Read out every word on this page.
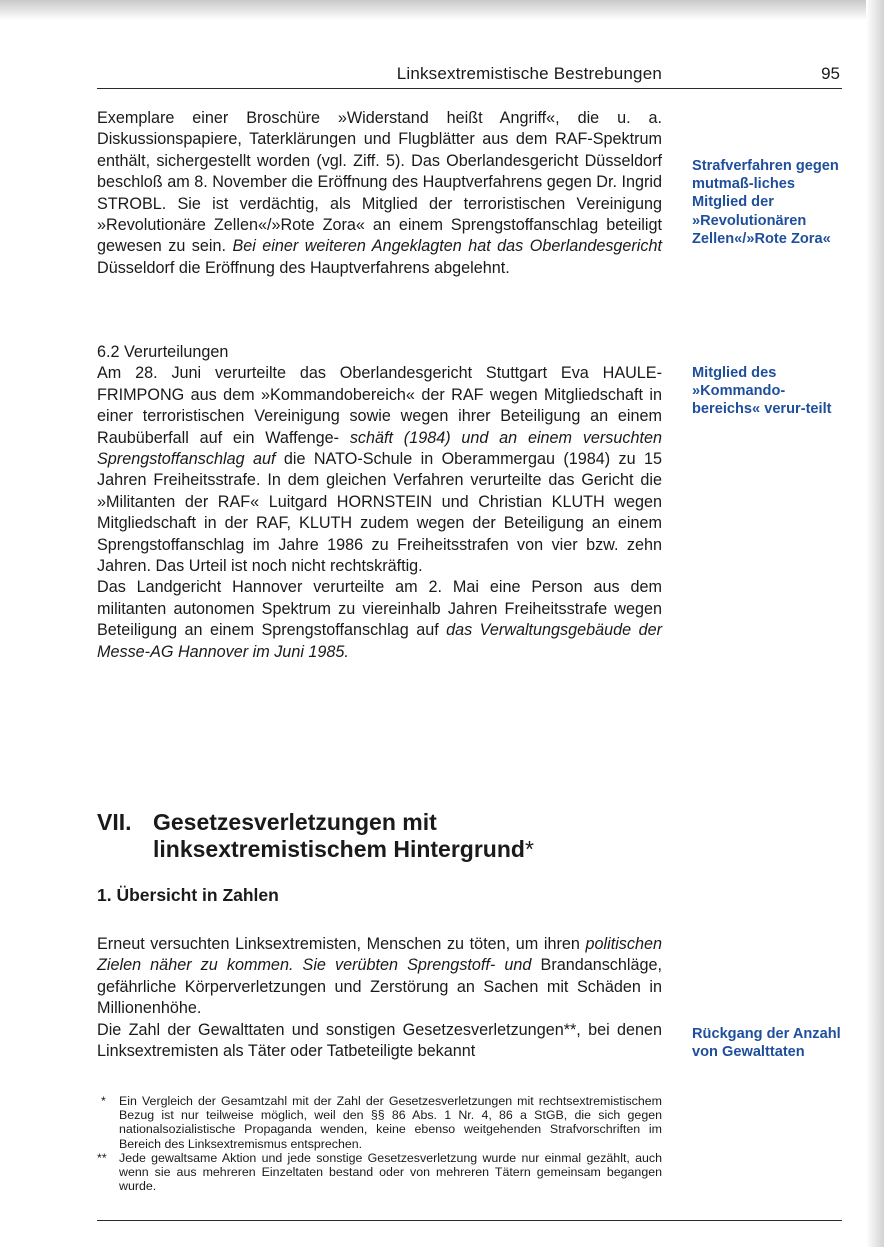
Linksextremistische Bestrebungen	95

Exemplare einer Broschüre »Widerstand heißt Angriff«, die u. a. Diskussionspapiere, Taterklärungen und Flugblätter aus dem RAF-Spektrum enthält, sichergestellt worden (vgl. Ziff. 5). Das Oberlandesgericht Düsseldorf beschloß am 8. November die Eröffnung des Hauptverfahrens gegen Dr. Ingrid STROBL. Sie ist verdächtig, als Mitglied der terroristischen Vereinigung »Revolutionäre Zellen«/»Rote Zora« an einem Sprengstoffanschlag beteiligt gewesen zu sein. Bei einer weiteren Angeklagten hat das Oberlandesgericht Düsseldorf die Eröffnung des Hauptverfahrens abgelehnt.

6.2 Verurteilungen

Am 28. Juni verurteilte das Oberlandesgericht Stuttgart Eva HAULE-FRIMPONG aus dem »Kommandobereich« der RAF wegen Mitgliedschaft in einer terroristischen Vereinigung sowie wegen ihrer Beteiligung an einem Raubüberfall auf ein Waffenge- schäft (1984) und an einem versuchten Sprengstoffanschlag auf die NATO-Schule in Oberammergau (1984) zu 15 Jahren Freiheitsstrafe. In dem gleichen Verfahren verurteilte das Gericht die »Militanten der RAF« Luitgard HORNSTEIN und Christian KLUTH wegen Mitgliedschaft in der RAF, KLUTH zudem wegen der Beteiligung an einem Sprengstoffanschlag im Jahre 1986 zu Freiheitsstrafen von vier bzw. zehn Jahren. Das Urteil ist noch nicht rechtskräftig.

Das Landgericht Hannover verurteilte am 2. Mai eine Person aus dem militanten autonomen Spektrum zu viereinhalb Jahren Freiheitsstrafe wegen Beteiligung an einem Sprengstoffanschlag auf das Verwaltungsgebäude der Messe-AG Hannover im Juni 1985.

VII. Gesetzesverletzungen mit
linksextremistischem Hintergrund*
1. Übersicht in Zahlen

Erneut versuchten Linksextremisten, Menschen zu töten, um ihren politischen Zielen näher zu kommen. Sie verübten Sprengstoff- und Brandanschläge, gefährliche Körperverletzungen und Zerstörung an Sachen mit Schäden in Millionenhöhe.

Die Zahl der Gewalttaten und sonstigen Gesetzesverletzungen**, bei denen Linksextremisten als Täter oder Tatbeteiligte bekannt

Strafverfahren gegen mutmaß-liches Mitglied der »Revolutionären Zellen«/»Rote Zora«

Mitglied des »Kommando-bereichs« verur-teilt

Rückgang der Anzahl von Gewalttaten

* Ein Vergleich der Gesamtzahl mit der Zahl der Gesetzesverletzungen mit rechtsextremistischem Bezug ist nur teilweise möglich, weil den §§ 86 Abs. 1 Nr. 4, 86 a StGB, die sich gegen nationalsozialistische Propaganda wenden, keine ebenso weitgehenden Strafvorschriften im Bereich des Linksextremismus entsprechen.

** Jede gewaltsame Aktion und jede sonstige Gesetzesverletzung wurde nur einmal gezählt, auch wenn sie aus mehreren Einzeltaten bestand oder von mehreren Tätern gemeinsam begangen wurde.
